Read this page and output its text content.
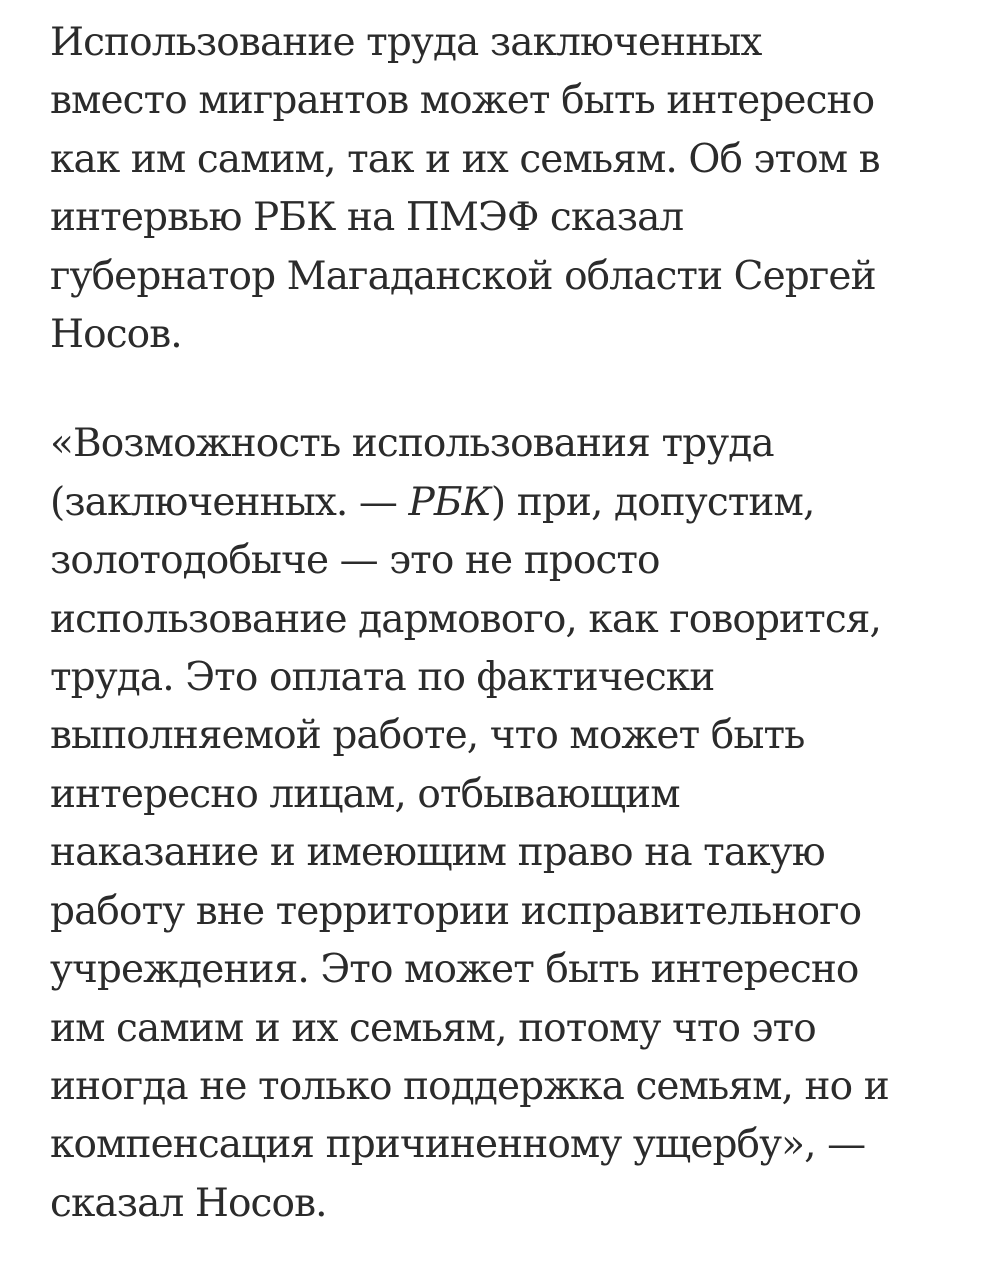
Использование труда заключенных
вместо мигрантов может быть интересно
как им самим, так и их семьям. Об этом в
интервью РБК на ПМЭФ сказал
губернатор Магаданской области Сергей
Носов.

«Возможность использования труда
(заключенных. — РБК) при, допустим,
золотодобыче — это не просто
использование дармового, как говорится,
труда. Это оплата по фактически
выполняемой работе, что может быть
интересно лицам, отбывающим
наказание и имеющим право на такую
работу вне территории исправительного
учреждения. Это может быть интересно
им самим и их семьям, потому что это
иногда не только поддержка семьям, но и
компенсация причиненному ущербу», —
сказал Носов.
